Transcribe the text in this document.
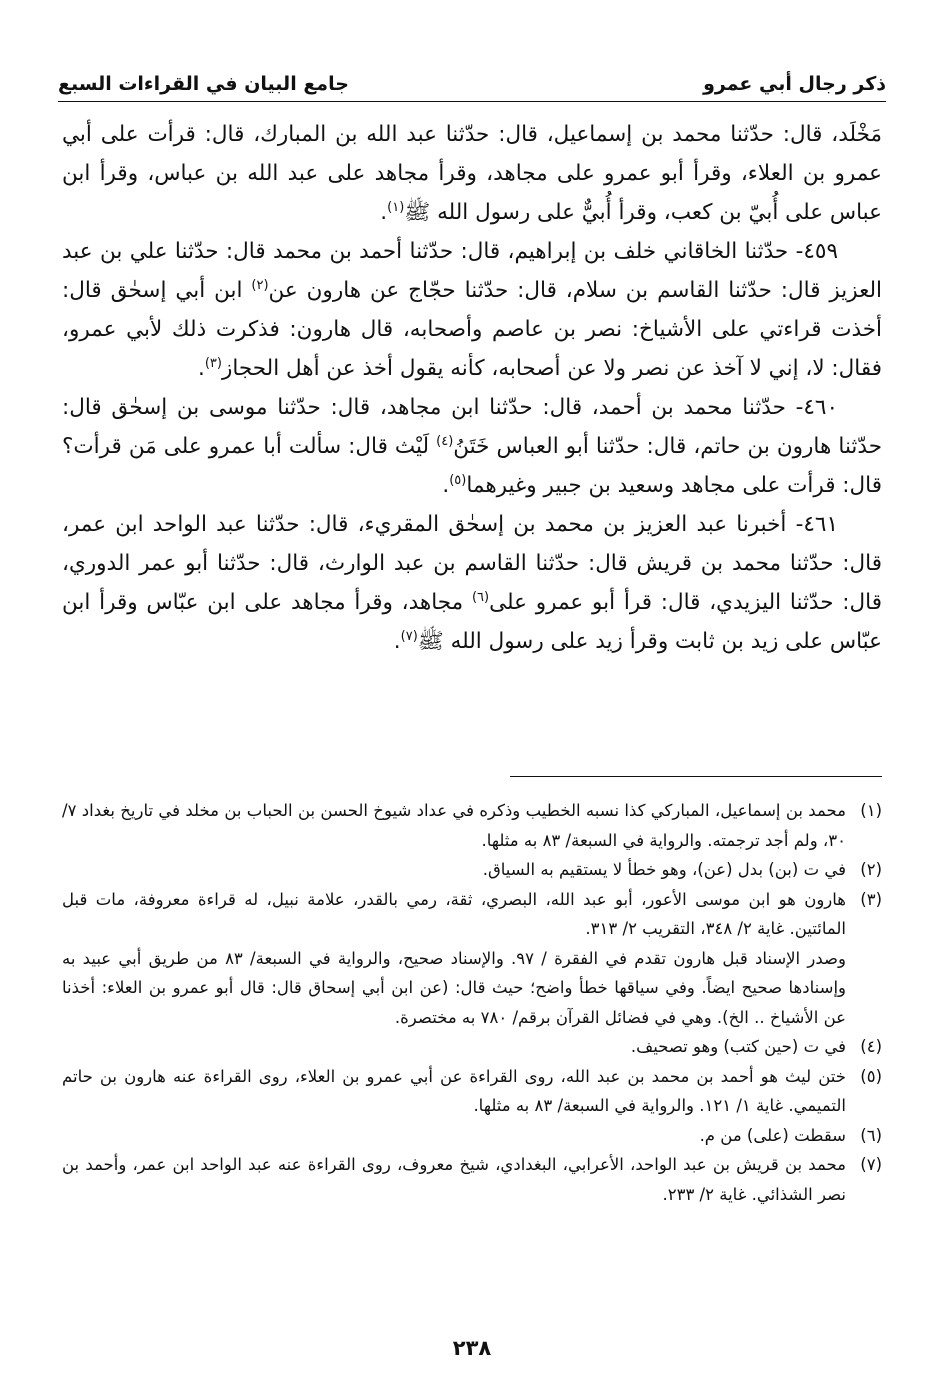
ذكر رجال أبي عمرو
جامع البيان في القراءات السبع

مَخْلَد، قال: حدّثنا محمد بن إسماعيل، قال: حدّثنا عبد الله بن المبارك، قال: قرأت على أبي عمرو بن العلاء، وقرأ أبو عمرو على مجاهد، وقرأ مجاهد على عبد الله بن عباس، وقرأ ابن عباس على أُبيّ بن كعب، وقرأ أُبيٌّ على رسول الله ﷺ$^{(١)}$.

٤٥٩- حدّثنا الخاقاني خلف بن إبراهيم، قال: حدّثنا أحمد بن محمد قال: حدّثنا علي بن عبد العزيز قال: حدّثنا القاسم بن سلام، قال: حدّثنا حجّاج عن هارون عن$^{(٢)}$ ابن أبي إسحٰق قال: أخذت قراءتي على الأشياخ: نصر بن عاصم وأصحابه، قال هارون: فذكرت ذلك لأبي عمرو، فقال: لا، إني لا آخذ عن نصر ولا عن أصحابه، كأنه يقول أخذ عن أهل الحجاز$^{(٣)}$.

٤٦٠- حدّثنا محمد بن أحمد، قال: حدّثنا ابن مجاهد، قال: حدّثنا موسى بن إسحٰق قال: حدّثنا هارون بن حاتم، قال: حدّثنا أبو العباس خَتَنُ$^{(٤)}$ لَيْث قال: سألت أبا عمرو على مَن قرأت؟ قال: قرأت على مجاهد وسعيد بن جبير وغيرهما$^{(٥)}$.

٤٦١- أخبرنا عبد العزيز بن محمد بن إسحٰق المقريء، قال: حدّثنا عبد الواحد ابن عمر، قال: حدّثنا محمد بن قريش قال: حدّثنا القاسم بن عبد الوارث، قال: حدّثنا أبو عمر الدوري، قال: حدّثنا اليزيدي، قال: قرأ أبو عمرو على$^{(٦)}$ مجاهد، وقرأ مجاهد على ابن عبّاس وقرأ ابن عبّاس على زيد بن ثابت وقرأ زيد على رسول الله ﷺ$^{(٧)}$.

(١)
محمد بن إسماعيل، المباركي كذا نسبه الخطيب وذكره في عداد شيوخ الحسن بن الحباب بن مخلد في تاريخ بغداد ٧/ ٣٠، ولم أجد ترجمته. والرواية في السبعة/ ٨٣ به مثلها.
(٢)
في ت (بن) بدل (عن)، وهو خطأ لا يستقيم به السياق.
(٣)
هارون هو ابن موسى الأعور، أبو عبد الله، البصري، ثقة، رمي بالقدر، علامة نبيل، له قراءة معروفة، مات قبل المائتين. غاية ٢/ ٣٤٨، التقريب ٢/ ٣١٣.
وصدر الإسناد قبل هارون تقدم في الفقرة / ٩٧. والإسناد صحيح، والرواية في السبعة/ ٨٣ من طريق أبي عبيد به وإسنادها صحيح ايضاً. وفي سياقها خطأ واضح؛ حيث قال: (عن ابن أبي إسحاق قال: قال أبو عمرو بن العلاء: أخذنا عن الأشياخ .. الخ). وهي في فضائل القرآن برقم/ ٧٨٠ به مختصرة.
(٤)
في ت (حين كتب) وهو تصحيف.
(٥)
ختن ليث هو أحمد بن محمد بن عبد الله، روى القراءة عن أبي عمرو بن العلاء، روى القراءة عنه هارون بن حاتم التميمي. غاية ١/ ١٢١. والرواية في السبعة/ ٨٣ به مثلها.
(٦)
سقطت (على) من م.
(٧)
محمد بن قريش بن عبد الواحد، الأعرابي، البغدادي، شيخ معروف، روى القراءة عنه عبد الواحد ابن عمر، وأحمد بن نصر الشذائي. غاية ٢/ ٢٣٣.
٢٣٨
